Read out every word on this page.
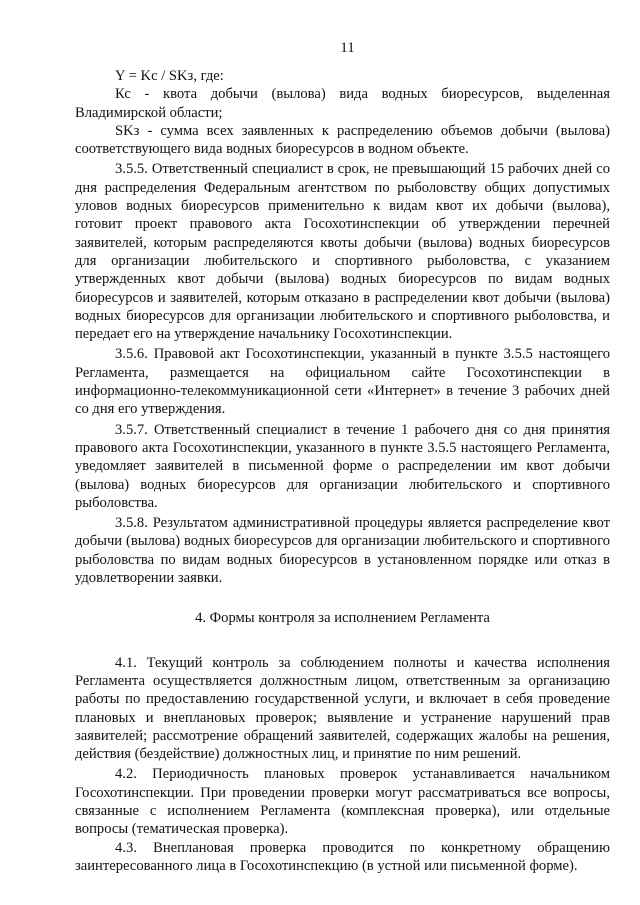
11

Y = Kc / SKз, где:

Кс - квота добычи (вылова) вида водных биоресурсов, выделенная Владимирской области;

SKз - сумма всех заявленных к распределению объемов добычи (вылова) соответствующего вида водных биоресурсов в водном объекте.

3.5.5. Ответственный специалист в срок, не превышающий 15 рабочих дней со дня распределения Федеральным агентством по рыболовству общих допустимых уловов водных биоресурсов применительно к видам квот их добычи (вылова), готовит проект правового акта Госохотинспекции об утверждении перечней заявителей, которым распределяются квоты добычи (вылова) водных биоресурсов для организации любительского и спортивного рыболовства, с указанием утвержденных квот добычи (вылова) водных биоресурсов по видам водных биоресурсов и заявителей, которым отказано в распределении квот добычи (вылова) водных биоресурсов для организации любительского и спортивного рыболовства, и передает его на утверждение начальнику Госохотинспекции.

3.5.6. Правовой акт Госохотинспекции, указанный в пункте 3.5.5 настоящего Регламента, размещается на официальном сайте Госохотинспекции в информационно-телекоммуникационной сети «Интернет» в течение 3 рабочих дней со дня его утверждения.

3.5.7. Ответственный специалист в течение 1 рабочего дня со дня принятия правового акта Госохотинспекции, указанного в пункте 3.5.5 настоящего Регламента, уведомляет заявителей в письменной форме о распределении им квот добычи (вылова) водных биоресурсов для организации любительского и спортивного рыболовства.

3.5.8. Результатом административной процедуры является распределение квот добычи (вылова) водных биоресурсов для организации любительского и спортивного рыболовства по видам водных биоресурсов в установленном порядке или отказ в удовлетворении заявки.

4. Формы контроля за исполнением Регламента

4.1. Текущий контроль за соблюдением полноты и качества исполнения Регламента осуществляется должностным лицом, ответственным за организацию работы по предоставлению государственной услуги, и включает в себя проведение плановых и внеплановых проверок; выявление и устранение нарушений прав заявителей; рассмотрение обращений заявителей, содержащих жалобы на решения, действия (бездействие) должностных лиц, и принятие по ним решений.

4.2. Периодичность плановых проверок устанавливается начальником Госохотинспекции. При проведении проверки могут рассматриваться все вопросы, связанные с исполнением Регламента (комплексная проверка), или отдельные вопросы (тематическая проверка).

4.3. Внеплановая проверка проводится по конкретному обращению заинтересованного лица в Госохотинспекцию (в устной или письменной форме).
